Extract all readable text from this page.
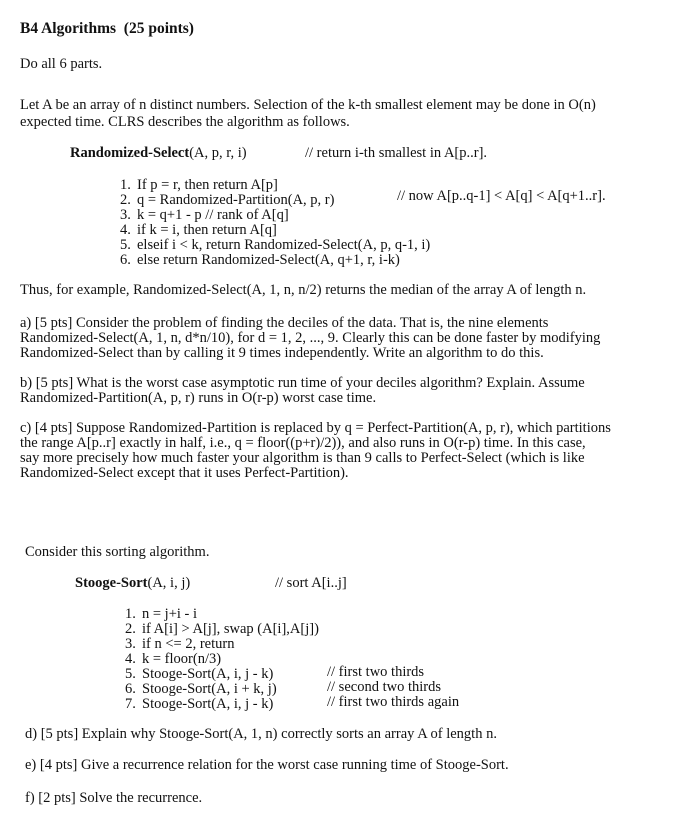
B4 Algorithms (25 points)
Do all 6 parts.
Let A be an array of n distinct numbers. Selection of the k-th smallest element may be done in O(n)
expected time. CLRS describes the algorithm as follows.
Randomized-Select(A, p, r, i)	// return i-th smallest in A[p..r].
1. If p = r, then return A[p]
2. q = Randomized-Partition(A, p, r)	// now A[p..q-1] < A[q] < A[q+1..r].
3. k = q+1 - p // rank of A[q]
4. if k = i, then return A[q]
5. elseif i < k, return Randomized-Select(A, p, q-1, i)
6. else return Randomized-Select(A, q+1, r, i-k)
Thus, for example, Randomized-Select(A, 1, n, n/2) returns the median of the array A of length n.
a) [5 pts] Consider the problem of finding the deciles of the data. That is, the nine elements
Randomized-Select(A, 1, n, d*n/10), for d = 1, 2, ..., 9. Clearly this can be done faster by modifying
Randomized-Select than by calling it 9 times independently. Write an algorithm to do this.
b) [5 pts] What is the worst case asymptotic run time of your deciles algorithm? Explain. Assume
Randomized-Partition(A, p, r) runs in O(r-p) worst case time.
c) [4 pts] Suppose Randomized-Partition is replaced by q = Perfect-Partition(A, p, r), which partitions
the range A[p..r] exactly in half, i.e., q = floor((p+r)/2)), and also runs in O(r-p) time. In this case,
say more precisely how much faster your algorithm is than 9 calls to Perfect-Select (which is like
Randomized-Select except that it uses Perfect-Partition).
Consider this sorting algorithm.
Stooge-Sort(A, i, j)	// sort A[i..j]
1. n = j+i - i
2. if A[i] > A[j], swap (A[i],A[j])
3. if n <= 2, return
4. k = floor(n/3)
5. Stooge-Sort(A, i, j - k)	// first two thirds
6. Stooge-Sort(A, i + k, j)	// second two thirds
7. Stooge-Sort(A, i, j - k)	// first two thirds again
d) [5 pts] Explain why Stooge-Sort(A, 1, n) correctly sorts an array A of length n.
e) [4 pts] Give a recurrence relation for the worst case running time of Stooge-Sort.
f) [2 pts] Solve the recurrence.
